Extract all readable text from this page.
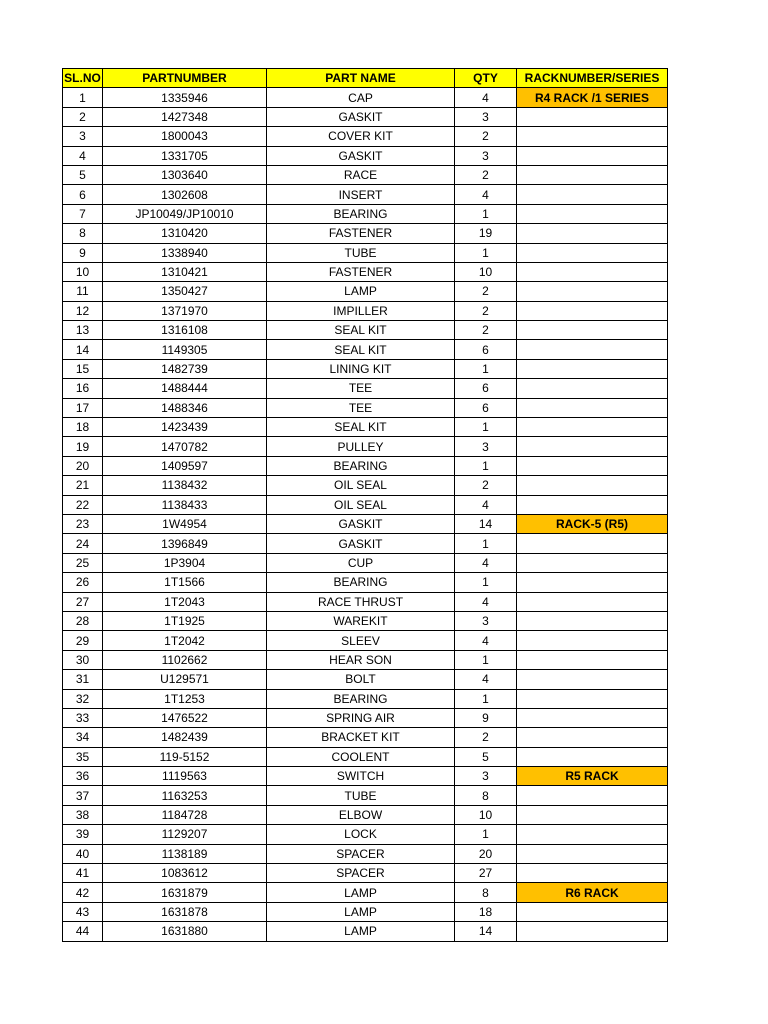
SL.NO	PARTNUMBER	PART NAME	QTY	RACKNUMBER/SERIES
1	1335946	CAP	4	R4 RACK /1 SERIES
2	1427348	GASKIT	3	
3	1800043	COVER KIT	2	
4	1331705	GASKIT	3	
5	1303640	RACE	2	
6	1302608	INSERT	4	
7	JP10049/JP10010	BEARING	1	
8	1310420	FASTENER	19	
9	1338940	TUBE	1	
10	1310421	FASTENER	10	
11	1350427	LAMP	2	
12	1371970	IMPILLER	2	
13	1316108	SEAL KIT	2	
14	1149305	SEAL KIT	6	
15	1482739	LINING KIT	1	
16	1488444	TEE	6	
17	1488346	TEE	6	
18	1423439	SEAL KIT	1	
19	1470782	PULLEY	3	
20	1409597	BEARING	1	
21	1138432	OIL SEAL	2	
22	1138433	OIL SEAL	4	
23	1W4954	GASKIT	14	RACK-5 (R5)
24	1396849	GASKIT	1	
25	1P3904	CUP	4	
26	1T1566	BEARING	1	
27	1T2043	RACE THRUST	4	
28	1T1925	WAREKIT	3	
29	1T2042	SLEEV	4	
30	1102662	HEAR SON	1	
31	U129571	BOLT	4	
32	1T1253	BEARING	1	
33	1476522	SPRING AIR	9	
34	1482439	BRACKET KIT	2	
35	119-5152	COOLENT	5	
36	1119563	SWITCH	3	R5 RACK
37	1163253	TUBE	8	
38	1184728	ELBOW	10	
39	1129207	LOCK	1	
40	1138189	SPACER	20	
41	1083612	SPACER	27	
42	1631879	LAMP	8	R6 RACK
43	1631878	LAMP	18	
44	1631880	LAMP	14	
